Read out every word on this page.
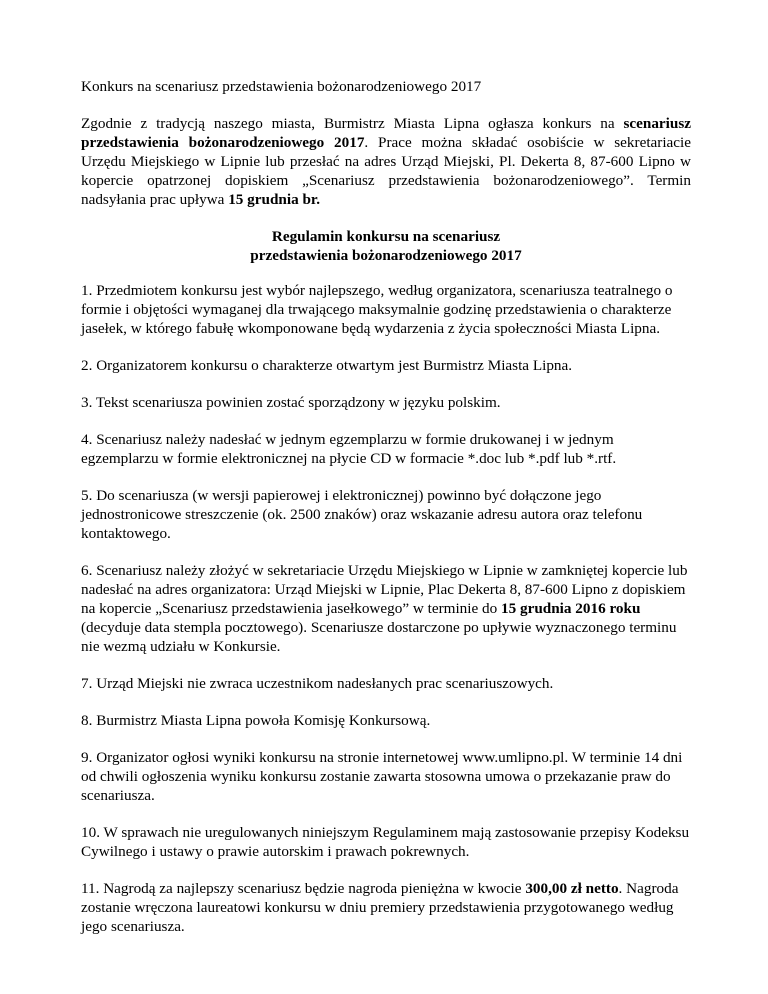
Konkurs na scenariusz przedstawienia bożonarodzeniowego 2017

Zgodnie z tradycją naszego miasta, Burmistrz Miasta Lipna ogłasza konkurs na scenariusz przedstawienia bożonarodzeniowego 2017. Prace można składać osobiście w sekretariacie Urzędu Miejskiego w Lipnie lub przesłać na adres Urząd Miejski, Pl. Dekerta 8, 87-600 Lipno w kopercie opatrzonej dopiskiem „Scenariusz przedstawienia bożonarodzeniowego”. Termin nadsyłania prac upływa 15 grudnia br.

Regulamin konkursu na scenariusz
przedstawienia bożonarodzeniowego 2017

1. Przedmiotem konkursu jest wybór najlepszego, według organizatora, scenariusza teatralnego o formie i objętości wymaganej dla trwającego maksymalnie godzinę przedstawienia o charakterze jasełek, w którego fabułę wkomponowane będą wydarzenia z życia społeczności Miasta Lipna.

2. Organizatorem konkursu o charakterze otwartym jest Burmistrz Miasta Lipna.

3. Tekst scenariusza powinien zostać sporządzony w języku polskim.

4. Scenariusz należy nadesłać w jednym egzemplarzu w formie drukowanej i w jednym egzemplarzu w formie elektronicznej na płycie CD w formacie *.doc lub *.pdf lub *.rtf.

5. Do scenariusza (w wersji papierowej i elektronicznej) powinno być dołączone jego jednostronicowe streszczenie (ok. 2500 znaków) oraz wskazanie adresu autora oraz telefonu kontaktowego.

6. Scenariusz należy złożyć w sekretariacie Urzędu Miejskiego w Lipnie w zamkniętej kopercie lub nadesłać na adres organizatora: Urząd Miejski w Lipnie, Plac Dekerta 8, 87-600 Lipno z dopiskiem na kopercie „Scenariusz przedstawienia jasełkowego” w terminie do 15 grudnia 2016 roku (decyduje data stempla pocztowego). Scenariusze dostarczone po upływie wyznaczonego terminu nie wezmą udziału w Konkursie.

7. Urząd Miejski nie zwraca uczestnikom nadesłanych prac scenariuszowych.

8. Burmistrz Miasta Lipna powoła Komisję Konkursową.

9. Organizator ogłosi wyniki konkursu na stronie internetowej www.umlipno.pl. W terminie 14 dni od chwili ogłoszenia wyniku konkursu zostanie zawarta stosowna umowa o przekazanie praw do scenariusza.

10. W sprawach nie uregulowanych niniejszym Regulaminem mają zastosowanie przepisy Kodeksu Cywilnego i ustawy o prawie autorskim i prawach pokrewnych.

11. Nagrodą za najlepszy scenariusz będzie nagroda pieniężna w kwocie 300,00 zł netto. Nagroda zostanie wręczona laureatowi konkursu w dniu premiery przedstawienia przygotowanego według jego scenariusza.
